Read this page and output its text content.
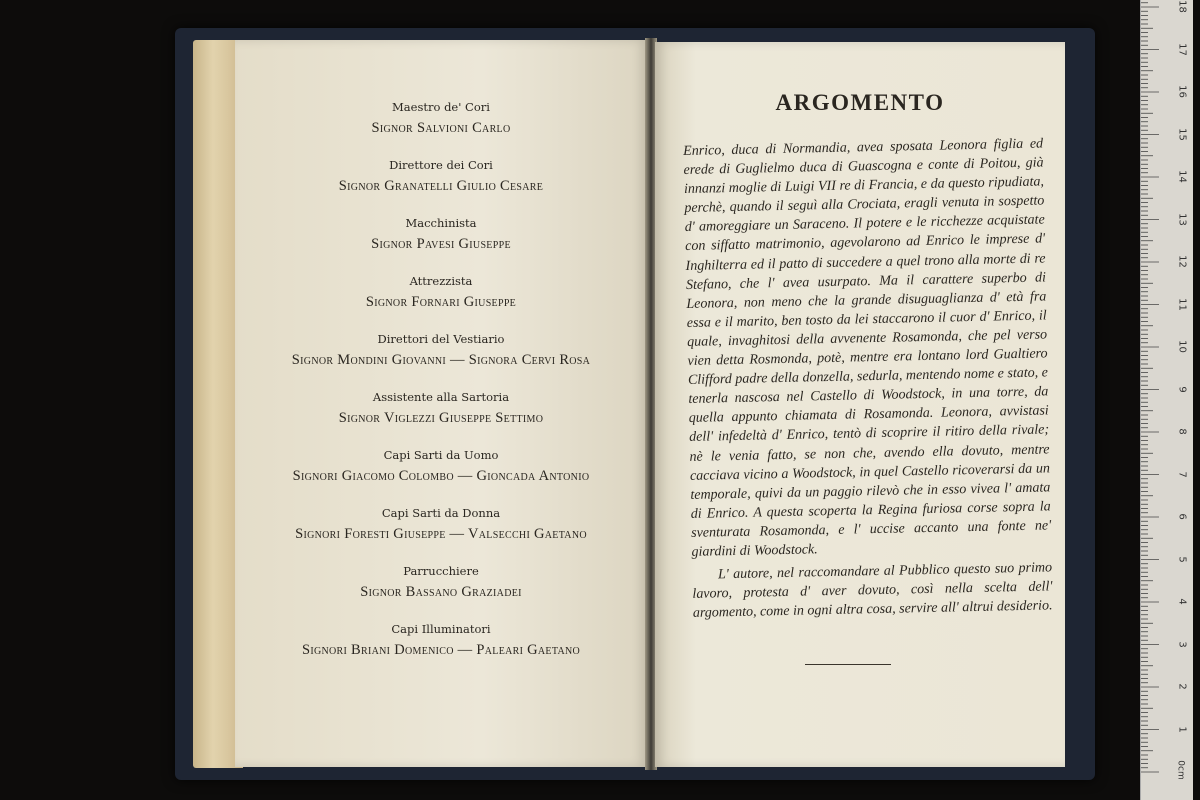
Maestro de' Cori
Signor Salvioni Carlo
Direttore dei Cori
Signor Granatelli Giulio Cesare
Macchinista
Signor Pavesi Giuseppe
Attrezzista
Signor Fornari Giuseppe
Direttori del Vestiario
Signor Mondini Giovanni — Signora Cervi Rosa
Assistente alla Sartoria
Signor Viglezzi Giuseppe Settimo
Capi Sarti da Uomo
Signori Giacomo Colombo — Gioncada Antonio
Capi Sarti da Donna
Signori Foresti Giuseppe — Valsecchi Gaetano
Parrucchiere
Signor Bassano Graziadei
Capi Illuminatori
Signori Briani Domenico — Paleari Gaetano
ARGOMENTO

Enrico, duca di Normandia, avea sposata Leonora figlia ed erede di Guglielmo duca di Guascogna e conte di Poitou, già innanzi moglie di Luigi VII re di Francia, e da questo ripudiata, perchè, quando il seguì alla Crociata, eragli venuta in sospetto d' amoreggiare un Saraceno. Il potere e le ricchezze acquistate con siffatto matrimonio, agevolarono ad Enrico le imprese d' Inghilterra ed il patto di succedere a quel trono alla morte di re Stefano, che l' avea usurpato. Ma il carattere superbo di Leonora, non meno che la grande disuguaglianza d' età fra essa e il marito, ben tosto da lei staccarono il cuor d' Enrico, il quale, invaghitosi della avvenente Rosamonda, che pel verso vien detta Rosmonda, potè, mentre era lontano lord Gualtiero Clifford padre della donzella, sedurla, mentendo nome e stato, e tenerla nascosa nel Castello di Woodstock, in una torre, da quella appunto chiamata di Rosamonda. Leonora, avvistasi dell' infedeltà d' Enrico, tentò di scoprire il ritiro della rivale; nè le venia fatto, se non che, avendo ella dovuto, mentre cacciava vicino a Woodstock, in quel Castello ricoverarsi da un temporale, quivi da un paggio rilevò che in esso vivea l' amata di Enrico. A questa scoperta la Regina furiosa corse sopra la sventurata Rosamonda, e l' uccise accanto una fonte ne' giardini di Woodstock.

L' autore, nel raccomandare al Pubblico questo suo primo lavoro, protesta d' aver dovuto, così nella scelta dell' argomento, come in ogni altra cosa, servire all' altrui desiderio.

0cm
1
2
3
4
5
6
7
8
9
10
11
12
13
14
15
16
17
18
